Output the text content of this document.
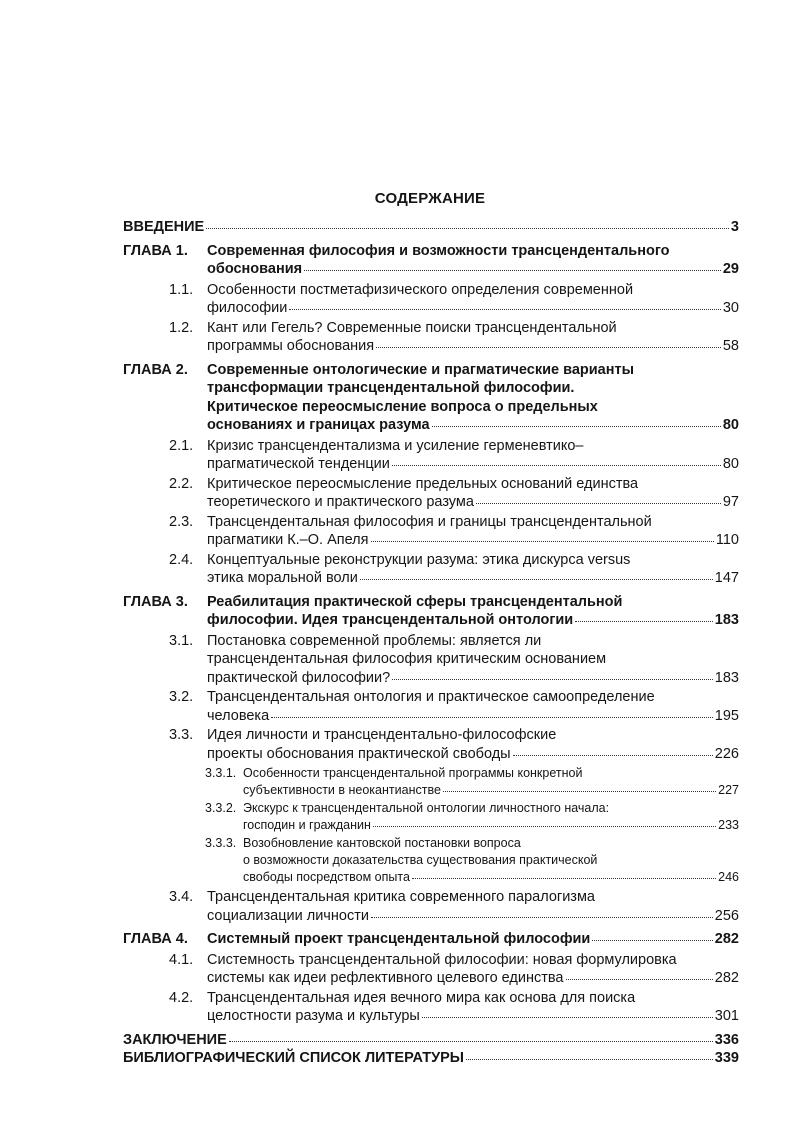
СОДЕРЖАНИЕ
ВВЕДЕНИЕ	3
ГЛАВА 1. Современная философия и возможности трансцендентального
обоснования	29
1.1. Особенности постметафизического определения современной
философии	30
1.2. Кант или Гегель? Современные поиски трансцендентальной
программы обоснования	58
ГЛАВА 2. Современные онтологические и прагматические варианты
трансформации трансцендентальной философии.
Критическое переосмысление вопроса о предельных
основаниях и границах разума	80
2.1. Кризис трансцендентализма и усиление герменевтико–
прагматической тенденции	80
2.2. Критическое переосмысление предельных оснований единства
теоретического и практического разума	97
2.3. Трансцендентальная философия и границы трансцендентальной
прагматики К.–О. Апеля	110
2.4. Концептуальные реконструкции разума: этика дискурса versus
этика моральной воли	147
ГЛАВА 3. Реабилитация практической сферы трансцендентальной
философии. Идея трансцендентальной онтологии	183
3.1. Постановка современной проблемы: является ли
трансцендентальная философия критическим основанием
практической философии?	183
3.2. Трансцендентальная онтология и практическое самоопределение
человека	195
3.3. Идея личности и трансцендентально-философские
проекты обоснования практической свободы	226
3.3.1. Особенности трансцендентальной программы конкретной
субъективности в неокантианстве	227
3.3.2. Экскурс к трансцендентальной онтологии личностного начала:
господин и гражданин	233
3.3.3. Возобновление кантовской постановки вопроса
о возможности доказательства существования практической
свободы посредством опыта	246
3.4. Трансцендентальная критика современного паралогизма
социализации личности	256
ГЛАВА 4. Системный проект трансцендентальной философии	282
4.1. Системность трансцендентальной философии: новая формулировка
системы как идеи рефлективного целевого единства	282
4.2. Трансцендентальная идея вечного мира как основа для поиска
целостности разума и культуры	301
ЗАКЛЮЧЕНИЕ	336
БИБЛИОГРАФИЧЕСКИЙ СПИСОК ЛИТЕРАТУРЫ	339
